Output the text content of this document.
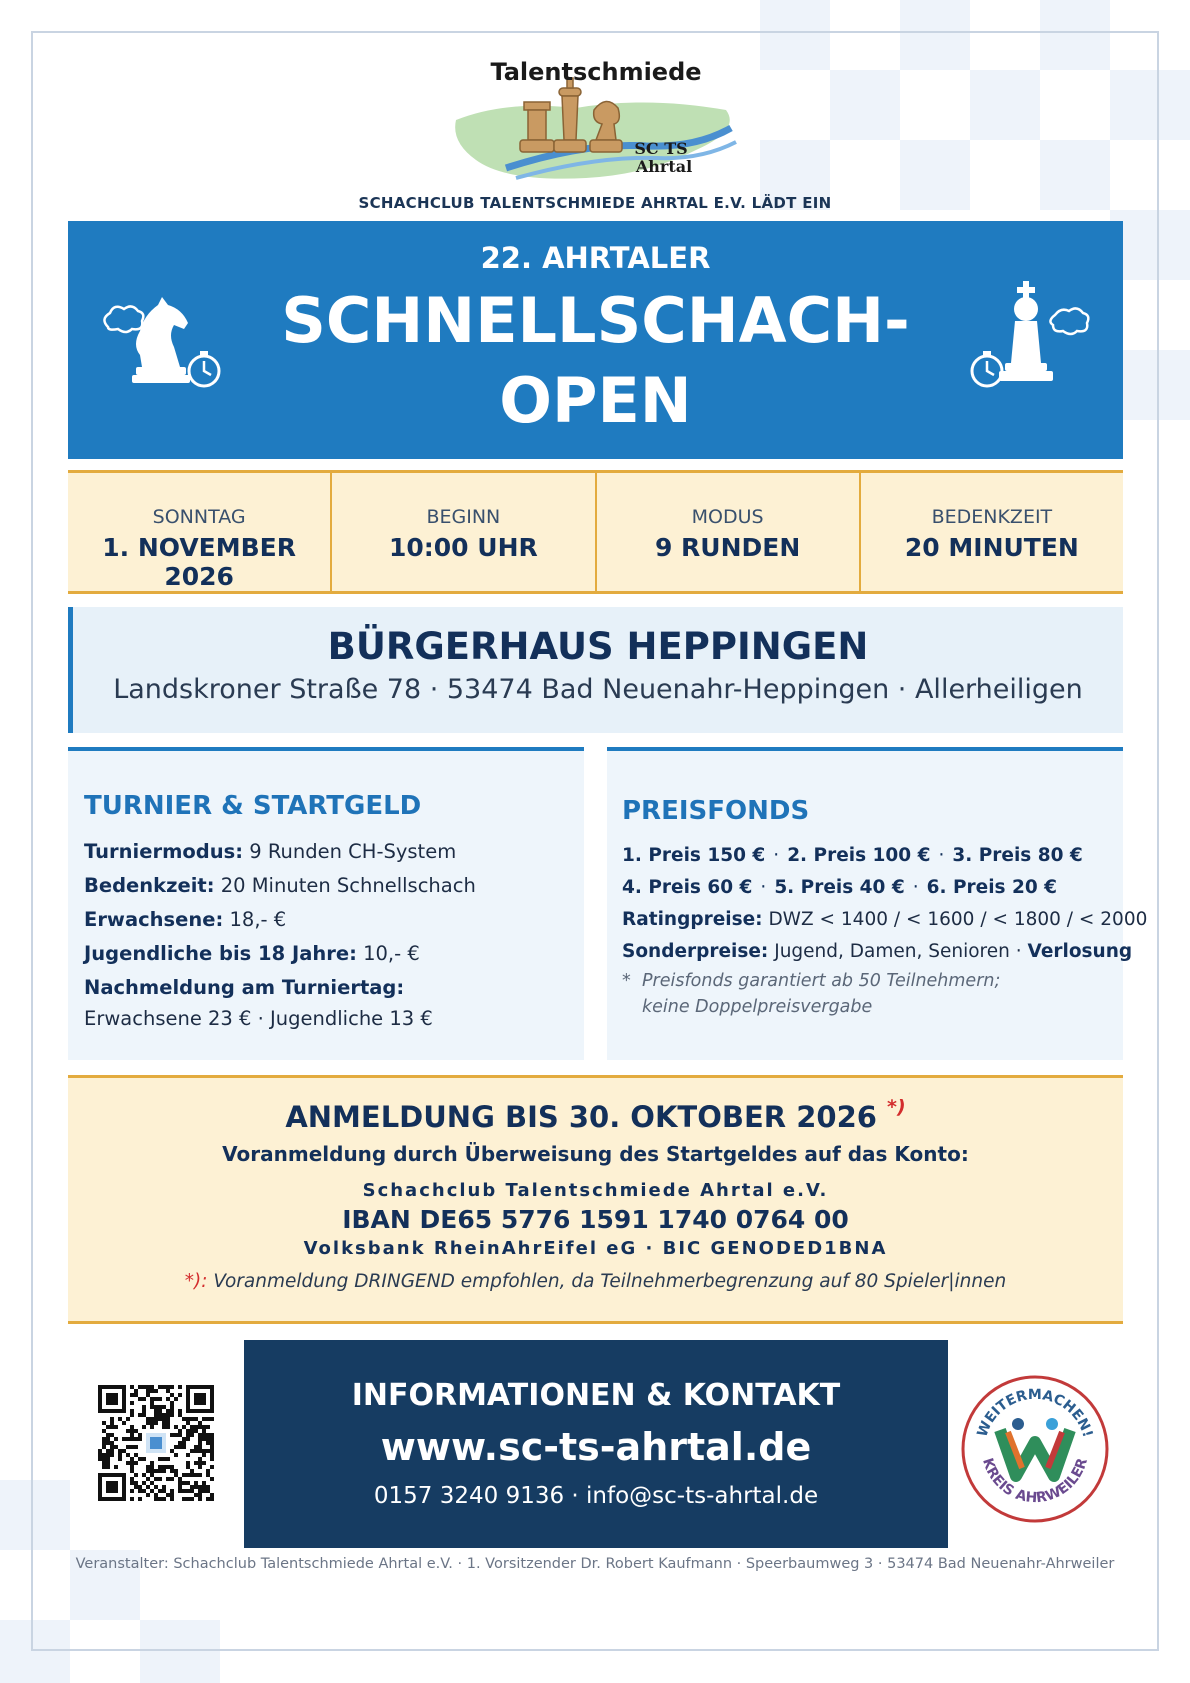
Talentschmiede
SC TS
Ahrtal
SCHACHCLUB TALENTSCHMIEDE AHRTAL E.V. LÄDT EIN
22. AHRTALER
SCHNELLSCHACH-
OPEN
SONNTAG
1. NOVEMBER 2026
BEGINN
10:00 UHR
MODUS
9 RUNDEN
BEDENKZEIT
20 MINUTEN
BÜRGERHAUS HEPPINGEN
Landskroner Straße 78 · 53474 Bad Neuenahr-Heppingen · Allerheiligen
TURNIER & STARTGELD
Turniermodus: 9 Runden CH-System
Bedenkzeit: 20 Minuten Schnellschach
Erwachsene: 18,- €
Jugendliche bis 18 Jahre: 10,- €
Nachmeldung am Turniertag:
Erwachsene 23 € · Jugendliche 13 €
PREISFONDS
1. Preis 150 € · 2. Preis 100 € · 3. Preis 80 €
4. Preis 60 € · 5. Preis 40 € · 6. Preis 20 €
Ratingpreise: DWZ < 1400 / < 1600 / < 1800 / < 2000
Sonderpreise: Jugend, Damen, Senioren · Verlosung
* Preisfonds garantiert ab 50 Teilnehmern;
keine Doppelpreisvergabe
ANMELDUNG BIS 30. OKTOBER 2026 *)
Voranmeldung durch Überweisung des Startgeldes auf das Konto:
Schachclub Talentschmiede Ahrtal e.V.
IBAN DE65 5776 1591 1740 0764 00
Volksbank RheinAhrEifel eG · BIC GENODED1BNA
*): Voranmeldung DRINGEND empfohlen, da Teilnehmerbegrenzung auf 80 Spieler|innen
INFORMATIONEN & KONTAKT
www.sc-ts-ahrtal.de
0157 3240 9136 · info@sc-ts-ahrtal.de
WEITERMACHEN!
KREIS AHRWEILER
Veranstalter: Schachclub Talentschmiede Ahrtal e.V. · 1. Vorsitzender Dr. Robert Kaufmann · Speerbaumweg 3 · 53474 Bad Neuenahr-Ahrweiler
